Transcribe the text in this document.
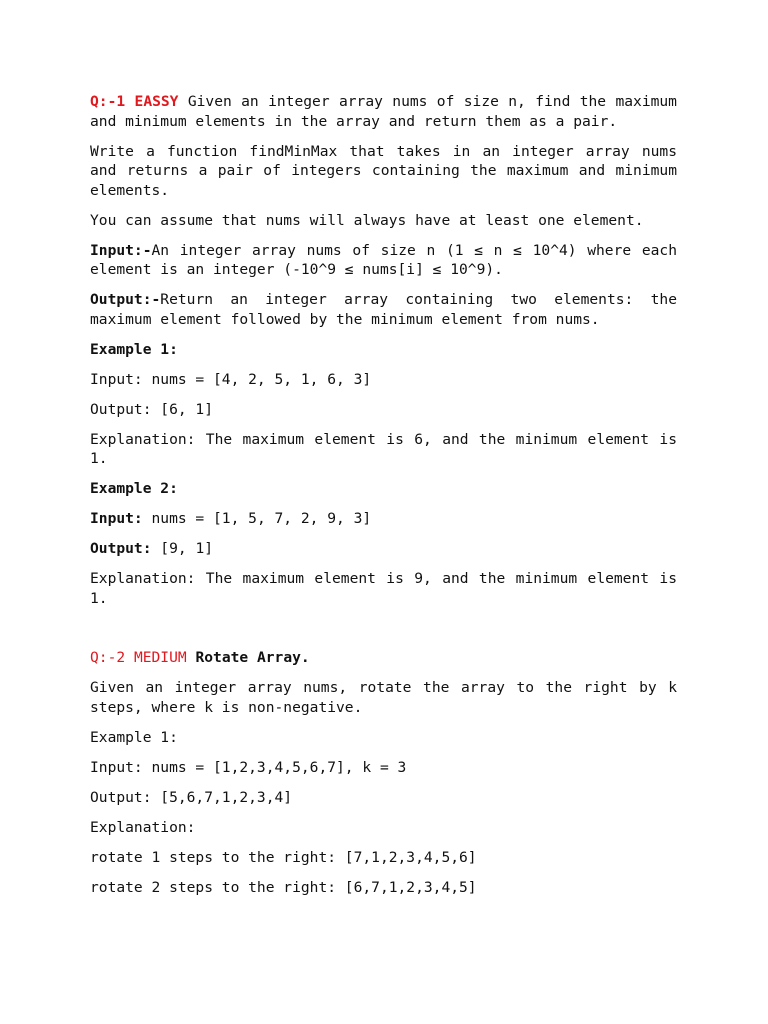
Q:-1 EASSY Given an integer array nums of size n, find the maximum and minimum elements in the array and return them as a pair.

Write a function findMinMax that takes in an integer array nums and returns a pair of integers containing the maximum and minimum elements.

You can assume that nums will always have at least one element.

Input:-An integer array nums of size n (1 ≤ n ≤ 10^4) where each element is an integer (-10^9 ≤ nums[i] ≤ 10^9).

Output:-Return an integer array containing two elements: the maximum element followed by the minimum element from nums.

Example 1:

Input: nums = [4, 2, 5, 1, 6, 3]

Output: [6, 1]

Explanation: The maximum element is 6, and the minimum element is 1.

Example 2:

Input: nums = [1, 5, 7, 2, 9, 3]

Output: [9, 1]

Explanation: The maximum element is 9, and the minimum element is 1.

Q:-2 MEDIUM Rotate Array.

Given an integer array nums, rotate the array to the right by k steps, where k is non-negative.

Example 1:

Input: nums = [1,2,3,4,5,6,7], k = 3

Output: [5,6,7,1,2,3,4]

Explanation:

rotate 1 steps to the right: [7,1,2,3,4,5,6]

rotate 2 steps to the right: [6,7,1,2,3,4,5]
